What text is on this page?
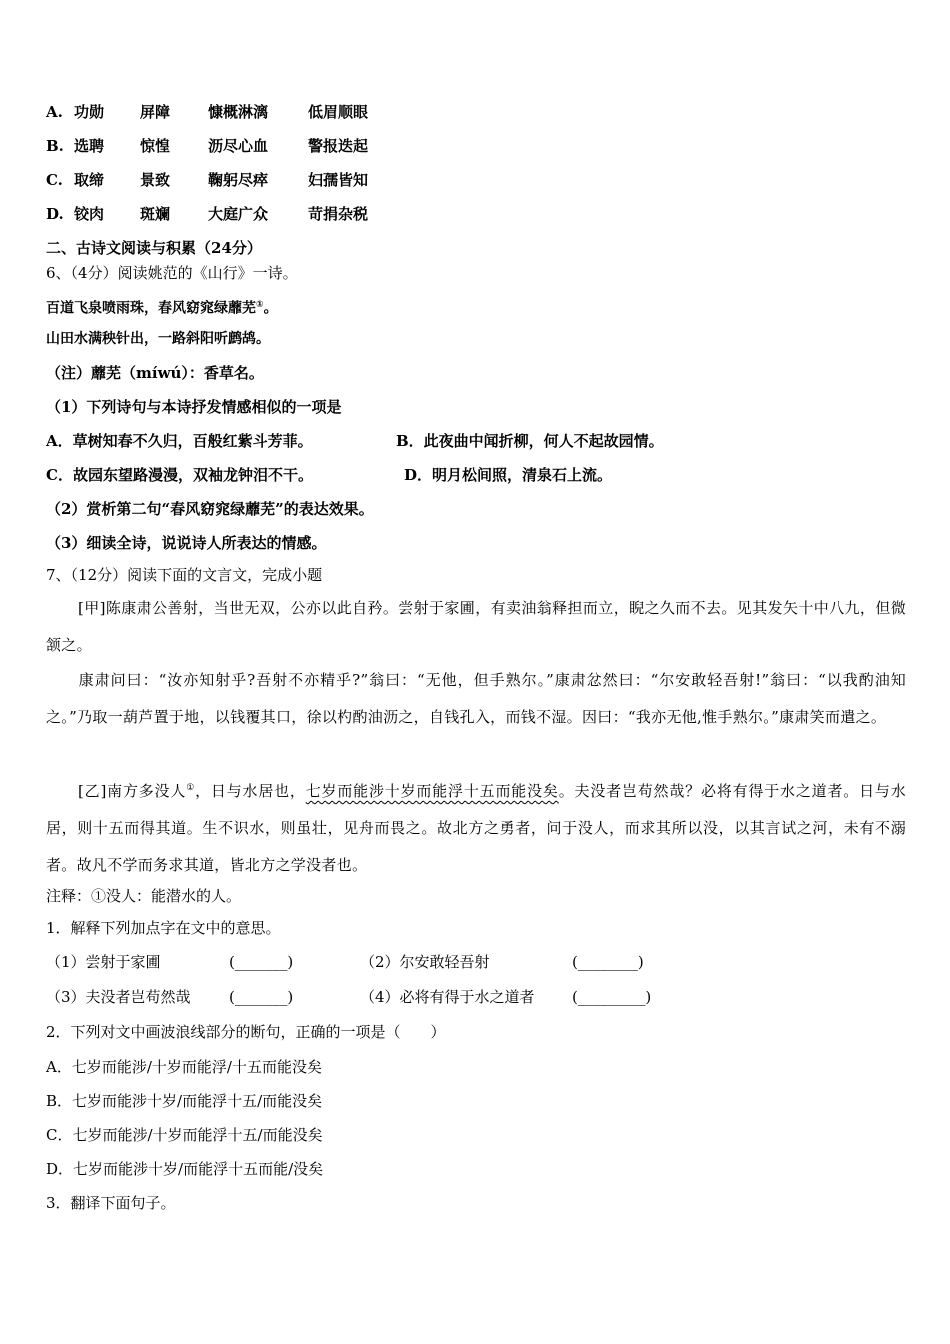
A. 功勋 屏障	慷概淋漓	低眉顺眼
B. 选聘 惊惶	沥尽心血	警报迭起
C. 取缔 景致	鞠躬尽瘁	妇孺皆知
D. 铰肉 斑斓	大庭广众	苛捐杂税
二、古诗文阅读与积累（24分）
6、（4分）阅读姚范的《山行》一诗。
百道飞泉喷雨珠，春风窈窕绿蘼芜①。
山田水满秧针出，一路斜阳听鹧鸪。
（注）蘼芜（míwú）：香草名。
（1）下列诗句与本诗抒发情感相似的一项是
A．草树知春不久归，百般红紫斗芳菲。	B．此夜曲中闻折柳，何人不起故园情。
C．故园东望路漫漫，双袖龙钟泪不干。	D．明月松间照，清泉石上流。
（2）赏析第二句“春风窈窕绿蘼芜”的表达效果。
（3）细读全诗，说说诗人所表达的情感。
7、（12分）阅读下面的文言文，完成小题
[甲]陈康肃公善射，当世无双，公亦以此自矜。尝射于家圃，有卖油翁释担而立，睨之久而不去。见其发矢十中八九，但微颔之。
康肃问曰：“汝亦知射乎?吾射不亦精乎?”翁曰：“无他，但手熟尔。”康肃忿然曰：“尔安敢轻吾射!”翁曰：“以我酌油知之。”乃取一葫芦置于地，以钱覆其口，徐以杓酌油沥之，自钱孔入，而钱不湿。因曰：“我亦无他,惟手熟尔。”康肃笑而遣之。
[乙]南方多没人①，日与水居也，七岁而能涉十岁而能浮十五而能没矣。夫没者岂苟然哉？必将有得于水之道者。日与水居，则十五而得其道。生不识水，则虽壮，见舟而畏之。故北方之勇者，问于没人，而求其所以没，以其言试之河，未有不溺者。故凡不学而务求其道，皆北方之学没者也。
注释：①没人：能潜水的人。
1．解释下列加点字在文中的意思。
（1）尝射于家圃	(_______)	（2）尔安敢轻吾射	(________)
（3）夫没者岂苟然哉	(_______)	（4）必将有得于水之道者 (_________)
2．下列对文中画波浪线部分的断句，正确的一项是（　　）
A．七岁而能涉/十岁而能浮/十五而能没矣
B．七岁而能涉十岁/而能浮十五/而能没矣
C．七岁而能涉/十岁而能浮十五/而能没矣
D．七岁而能涉十岁/而能浮十五而能/没矣
3．翻译下面句子。
